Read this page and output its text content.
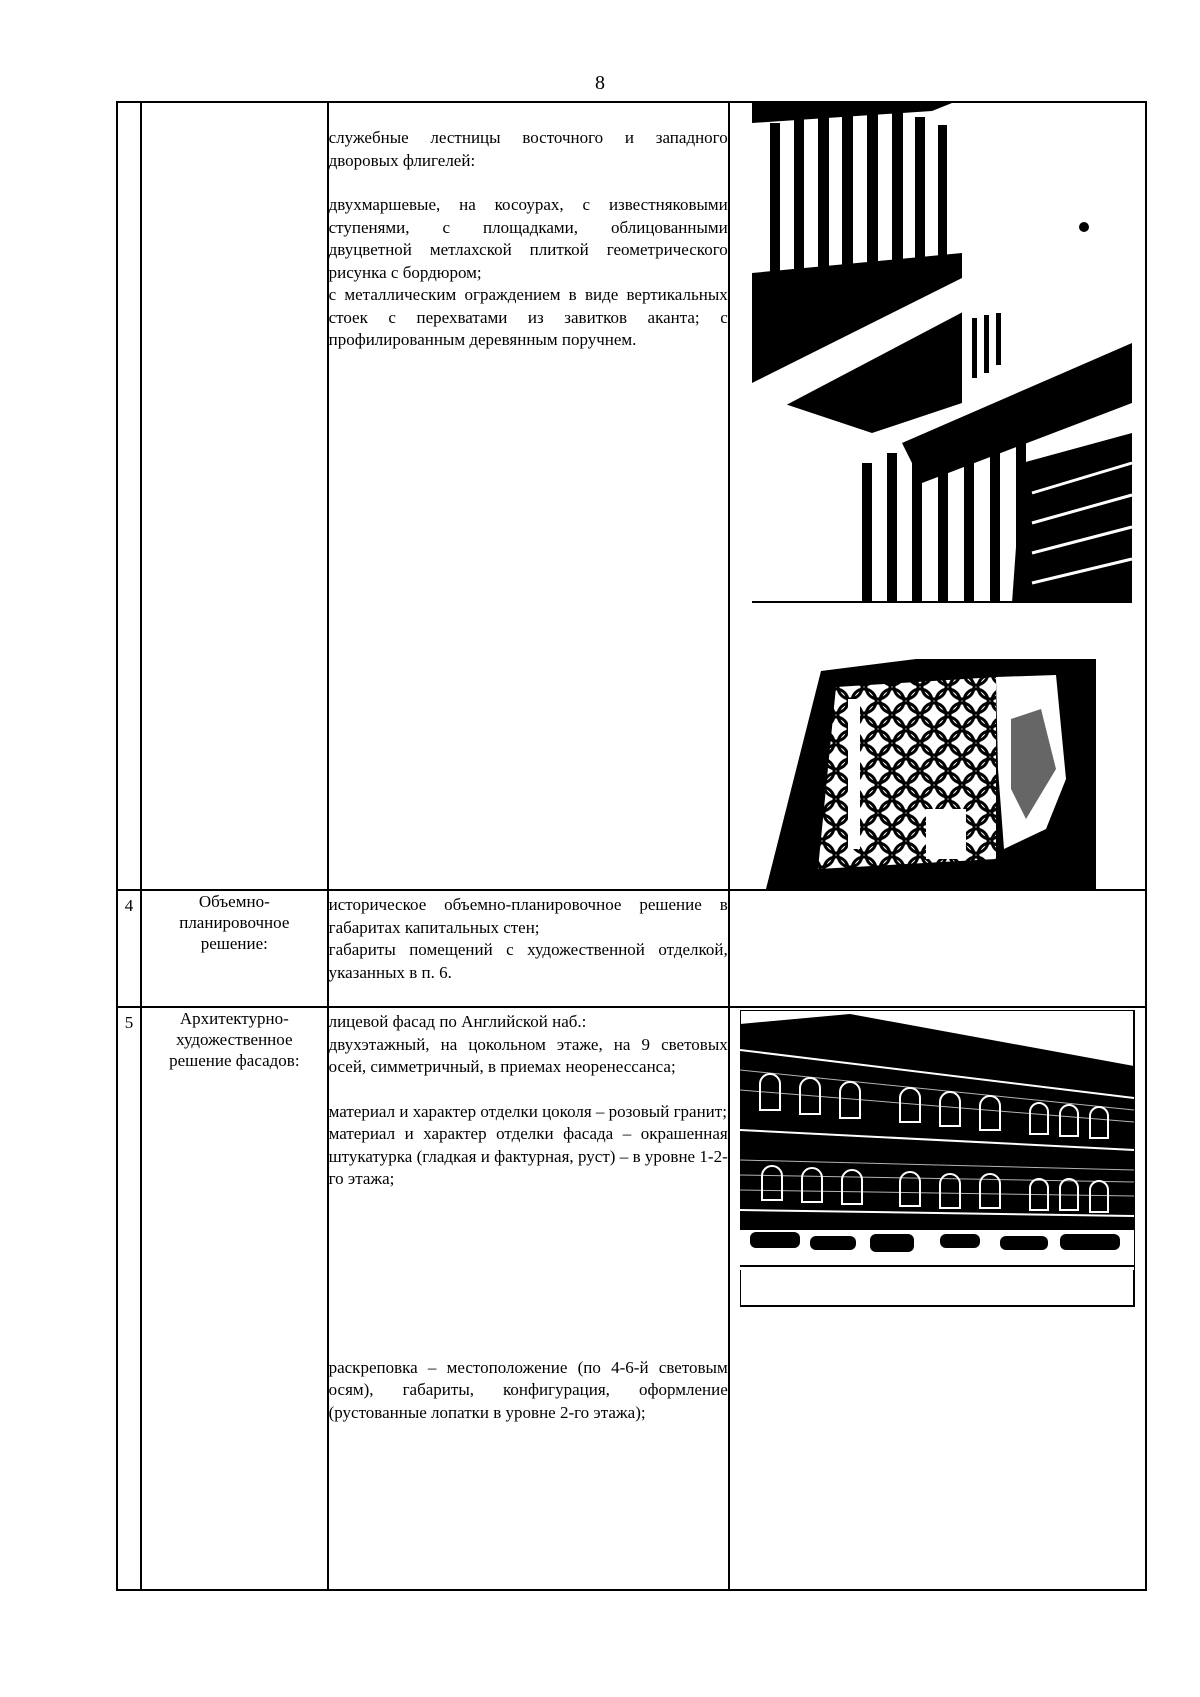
8

		служебные лестницы восточного и западного дворовых флигелей:

двухмаршевые, на косоурах, с известняковыми ступенями, с площадками, облицованными двуцветной метлахской плиткой геометрического рисунка с бордюром;

с металлическим ограждением в виде вертикальных стоек с перехватами из завитков аканта; с профилированным деревянным поручнем.

4	Объемно-планировочное решение:	историческое объемно-планировочное решение в габаритах капитальных стен;

габариты помещений с художественной отделкой, указанных в п. 6.	

5	Архитектурно-художественное решение фасадов:	лицевой фасад по Английской наб.:

двухэтажный, на цокольном этаже, на 9 световых осей, симметричный, в приемах неоренессанса;

материал и характер отделки цоколя – розовый гранит;

материал и характер отделки фасада – окрашенная штукатурка (гладкая и фактурная, руст) – в уровне 1-2-го этажа;

раскреповка – местоположение (по 4-6-й световым осям), габариты, конфигурация, оформление (рустованные лопатки в уровне 2-го этажа);
